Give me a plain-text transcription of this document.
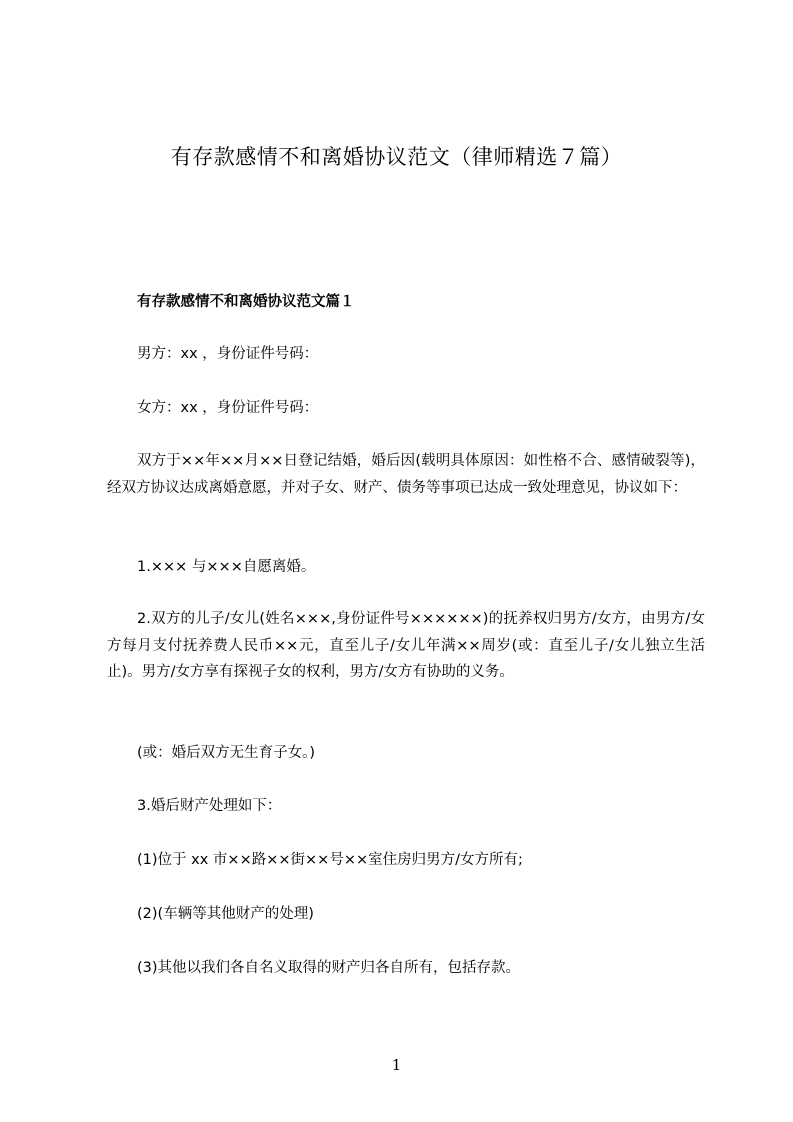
有存款感情不和离婚协议范文（律师精选７篇）
有存款感情不和离婚协议范文篇１
男方：xx ，身份证件号码：
女方：xx ，身份证件号码：
双方于××年××月××日登记结婚，婚后因(载明具体原因：如性格不合、感情破裂等)，经双方协议达成离婚意愿，并对子女、财产、债务等事项已达成一致处理意见，协议如下：
1.××× 与×××自愿离婚。
2.双方的儿子/女儿(姓名×××,身份证件号××××××)的抚养权归男方/女方，由男方/女方每月支付抚养费人民币××元，直至儿子/女儿年满××周岁(或：直至儿子/女儿独立生活止)。男方/女方享有探视子女的权利，男方/女方有协助的义务。
(或：婚后双方无生育子女。)
3.婚后财产处理如下：
(1)位于 xx 市××路××街××号××室住房归男方/女方所有;
(2)(车辆等其他财产的处理)
(3)其他以我们各自名义取得的财产归各自所有，包括存款。
1
